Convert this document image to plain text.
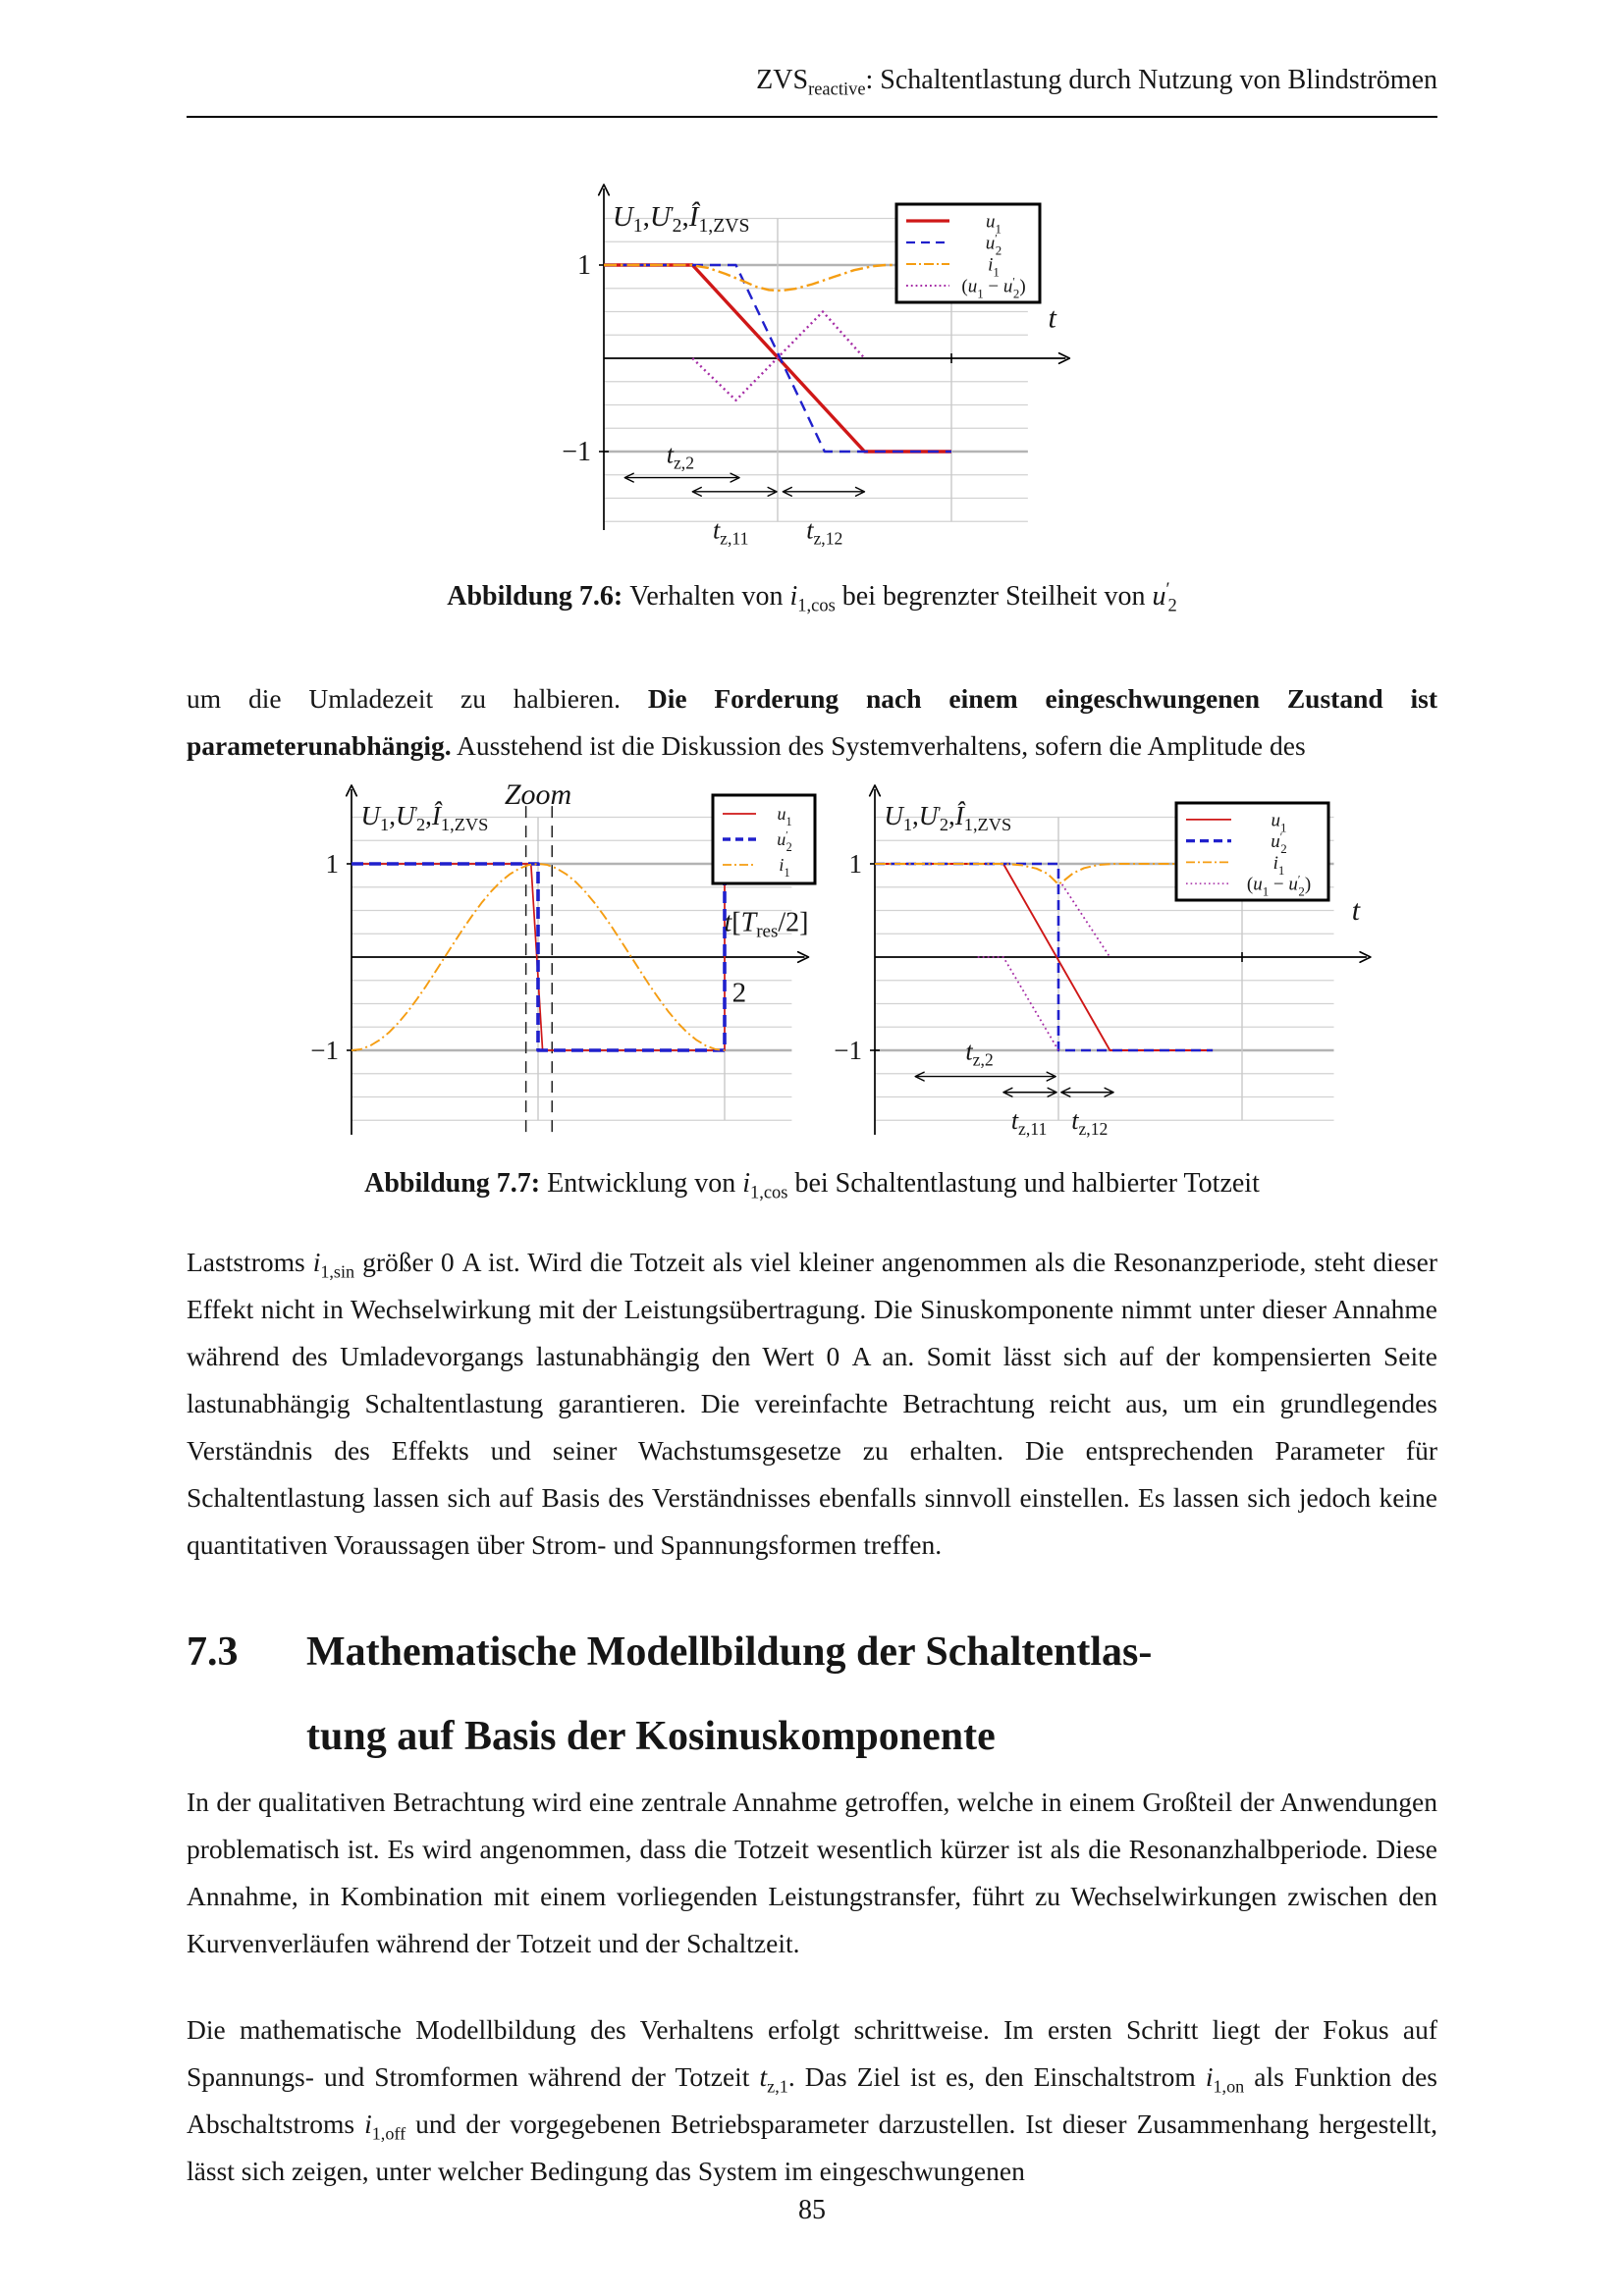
$ZVS_{reactive}$: Schaltentlastung durch Nutzung von Blindströmen
1
−1	$t_{z,2}$
$t_{z,11}$ $t_{z,12}$
$U_1,U'$ $2,Î_{1,ZVS}$
t
$u_1$
u′ 2
$i_1$
($u_1 - u'$ 2)
Abbildung 7.6: Verhalten von $i_{1,cos}$ bei begrenzter Steilheit von $u'_2$
um die Umladezeit zu halbieren. Die Forderung nach einem eingeschwungenen Zustand ist parameterunabhängig. Ausstehend ist die Diskussion des Systemverhaltens, sofern die Amplitude des
1
−1
$U_1,U'$ $2,Î_{1,ZVS}$
$t[T_{res}/2]$
Zoom
2
$u_1$
u′ 2
$i_1$ 1
−1	$t_{z,2}$
$t_{z,11}$ $t_{z,12}$
$U_1,U'$ $2,Î_{1,ZVS}$
t
$u_1$
u′ 2
$i_1$
($u_1 - u'$ 2)
Abbildung 7.7: Entwicklung von $i_{1,cos}$ bei Schaltentlastung und halbierter Totzeit
Laststroms $i_{1,sin}$ größer 0 A ist. Wird die Totzeit als viel kleiner angenommen als die Resonanzperiode, steht dieser Effekt nicht in Wechselwirkung mit der Leistungsübertragung. Die Sinuskomponente nimmt unter dieser Annahme während des Umladevorgangs lastunabhängig den Wert 0 A an. Somit lässt sich auf der kompensierten Seite lastunabhängig Schaltentlastung garantieren. Die vereinfachte Betrachtung reicht aus, um ein grundlegendes Verständnis des Effekts und seiner Wachstumsgesetze zu erhalten. Die entsprechenden Parameter für Schaltentlastung lassen sich auf Basis des Verständnisses ebenfalls sinnvoll einstellen. Es lassen sich jedoch keine quantitativen Voraussagen über Strom- und Spannungsformen treffen.
7.3	Mathematische Modellbildung der Schaltentlas-
tung auf Basis der Kosinuskomponente
In der qualitativen Betrachtung wird eine zentrale Annahme getroffen, welche in einem Großteil der Anwendungen problematisch ist. Es wird angenommen, dass die Totzeit wesentlich kürzer ist als die Resonanzhalbperiode. Diese Annahme, in Kombination mit einem vorliegenden Leistungstransfer, führt zu Wechselwirkungen zwischen den Kurvenverläufen während der Totzeit und der Schaltzeit.
Die mathematische Modellbildung des Verhaltens erfolgt schrittweise. Im ersten Schritt liegt der Fokus auf Spannungs- und Stromformen während der Totzeit $t_{z,1}$. Das Ziel ist es, den Einschaltstrom $i_{1,on}$ als Funktion des Abschaltstroms $i_{1,off}$ und der vorgegebenen Betriebsparameter darzustellen. Ist dieser Zusammenhang hergestellt, lässt sich zeigen, unter welcher Bedingung das System im eingeschwungenen
85
